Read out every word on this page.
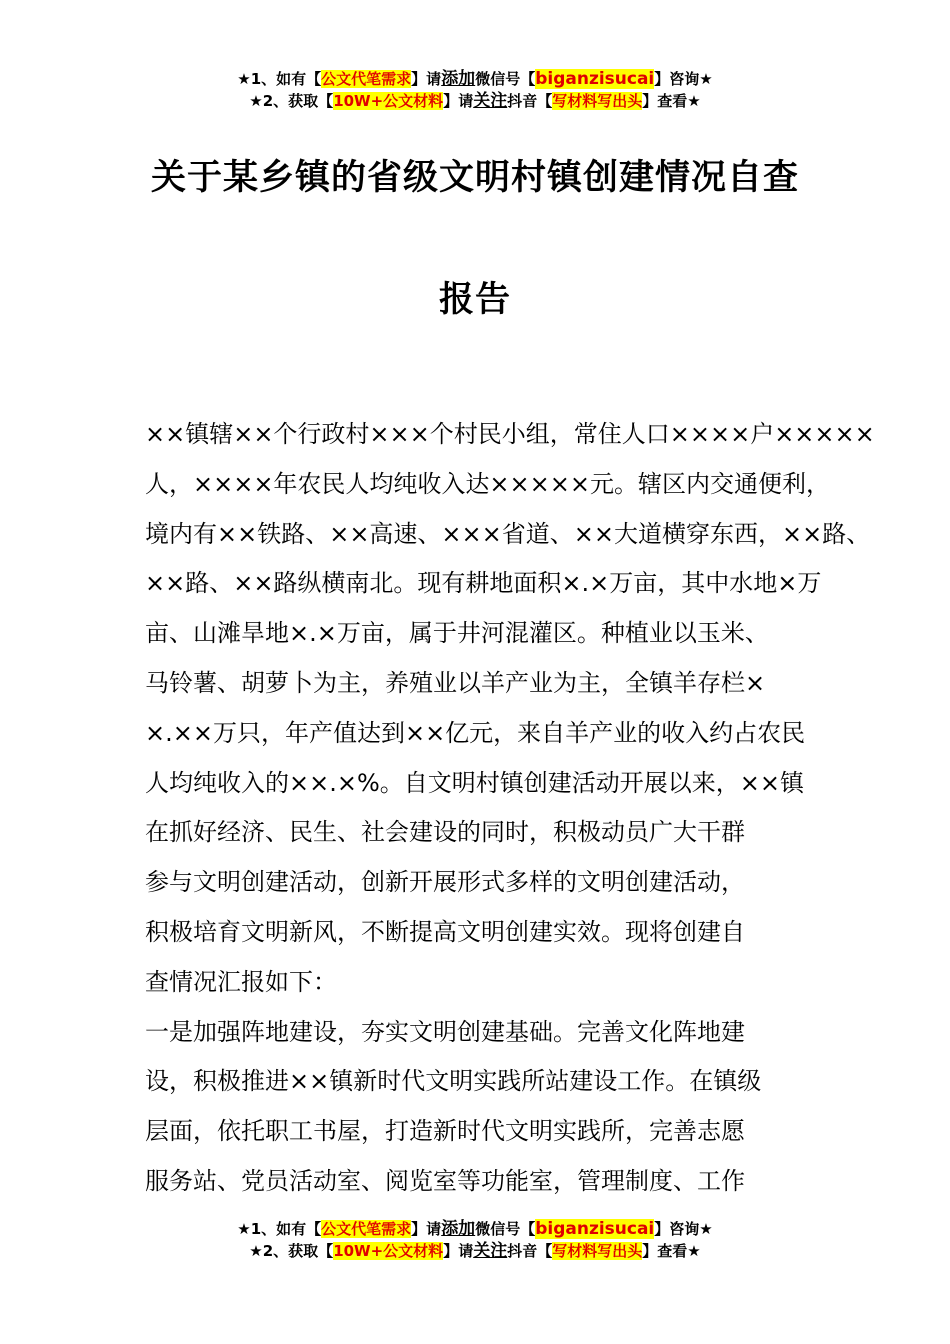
★1、如有【公文代笔需求】请添加微信号【biganzisucai】咨询★
★2、获取【10W+公文材料】请关注抖音【写材料写出头】查看★
关于某乡镇的省级文明村镇创建情况自查
报告
××镇辖××个行政村×××个村民小组，常住人口××××户×××××
人，××××年农民人均纯收入达×××××元。辖区内交通便利，
境内有××铁路、××高速、×××省道、××大道横穿东西，××路、
××路、××路纵横南北。现有耕地面积×.×万亩，其中水地×万
亩、山滩旱地×.×万亩，属于井河混灌区。种植业以玉米、
马铃薯、胡萝卜为主，养殖业以羊产业为主，全镇羊存栏×
×.××万只，年产值达到××亿元，来自羊产业的收入约占农民
人均纯收入的××.×%。自文明村镇创建活动开展以来，××镇
在抓好经济、民生、社会建设的同时，积极动员广大干群
参与文明创建活动，创新开展形式多样的文明创建活动，
积极培育文明新风，不断提高文明创建实效。现将创建自
查情况汇报如下：
一是加强阵地建设，夯实文明创建基础。完善文化阵地建
设，积极推进××镇新时代文明实践所站建设工作。在镇级
层面，依托职工书屋，打造新时代文明实践所，完善志愿
服务站、党员活动室、阅览室等功能室，管理制度、工作
★1、如有【公文代笔需求】请添加微信号【biganzisucai】咨询★
★2、获取【10W+公文材料】请关注抖音【写材料写出头】查看★
